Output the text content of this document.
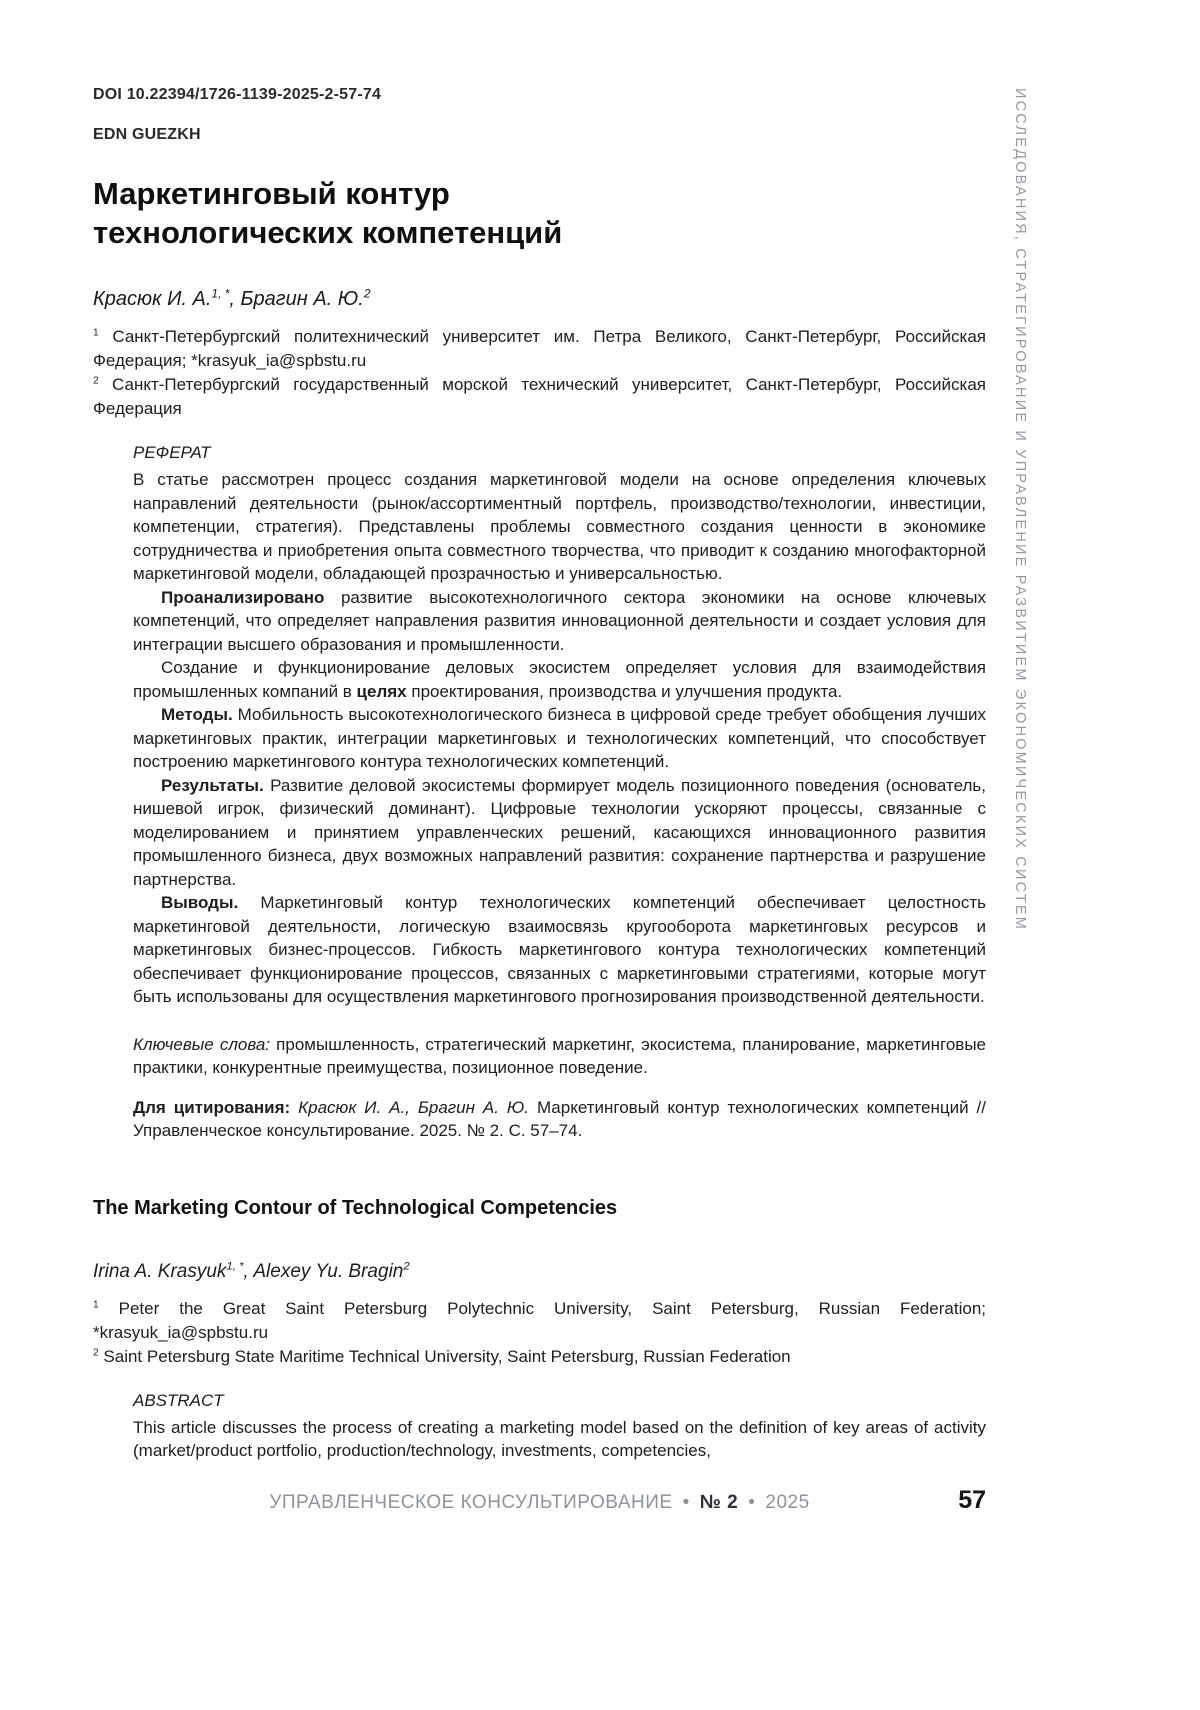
ИССЛЕДОВАНИЯ, СТРАТЕГИРОВАНИЕ И УПРАВЛЕНИЕ РАЗВИТИЕМ ЭКОНОМИЧЕСКИХ СИСТЕМ
DOI 10.22394/1726-1139-2025-2-57-74
EDN GUEZKH
Маркетинговый контур
технологических компетенций

Красюк И. А.$^{1, *}$, Брагин А. Ю.$^2$

$^1$ Санкт-Петербургский политехнический университет им. Петра Великого, Санкт-Петербург, Российская Федерация; *krasyuk_ia@spbstu.ru

$^2$ Санкт-Петербургский государственный морской технический университет, Санкт-Петербург, Российская Федерация

РЕФЕРАТ

В статье рассмотрен процесс создания маркетинговой модели на основе определения ключевых направлений деятельности (рынок/ассортиментный портфель, производство/технологии, инвестиции, компетенции, стратегия). Представлены проблемы совместного создания ценности в экономике сотрудничества и приобретения опыта совместного творчества, что приводит к созданию многофакторной маркетинговой модели, обладающей прозрачностью и универсальностью.

Проанализировано развитие высокотехнологичного сектора экономики на основе ключевых компетенций, что определяет направления развития инновационной деятельности и создает условия для интеграции высшего образования и промышленности.

Создание и функционирование деловых экосистем определяет условия для взаимодействия промышленных компаний в целях проектирования, производства и улучшения продукта.

Методы. Мобильность высокотехнологического бизнеса в цифровой среде требует обобщения лучших маркетинговых практик, интеграции маркетинговых и технологических компетенций, что способствует построению маркетингового контура технологических компетенций.

Результаты. Развитие деловой экосистемы формирует модель позиционного поведения (основатель, нишевой игрок, физический доминант). Цифровые технологии ускоряют процессы, связанные с моделированием и принятием управленческих решений, касающихся инновационного развития промышленного бизнеса, двух возможных направлений развития: сохранение партнерства и разрушение партнерства.

Выводы. Маркетинговый контур технологических компетенций обеспечивает целостность маркетинговой деятельности, логическую взаимосвязь кругооборота маркетинговых ресурсов и маркетинговых бизнес-процессов. Гибкость маркетингового контура технологических компетенций обеспечивает функционирование процессов, связанных с маркетинговыми стратегиями, которые могут быть использованы для осуществления маркетингового прогнозирования производственной деятельности.

Ключевые слова: промышленность, стратегический маркетинг, экосистема, планирование, маркетинговые практики, конкурентные преимущества, позиционное поведение.

Для цитирования: Красюк И. А., Брагин А. Ю. Маркетинговый контур технологических компетенций // Управленческое консультирование. 2025. № 2. С. 57–74.

The Marketing Contour of Technological Competencies

Irina A. Krasyuk$^{1, *}$, Alexey Yu. Bragin$^2$

$^1$ Peter the Great Saint Petersburg Polytechnic University, Saint Petersburg, Russian Federation; *krasyuk_ia@spbstu.ru

$^2$ Saint Petersburg State Maritime Technical University, Saint Petersburg, Russian Federation

ABSTRACT

This article discusses the process of creating a marketing model based on the definition of key areas of activity (market/product portfolio, production/technology, investments, competencies,

УПРАВЛЕНЧЕСКОЕ КОНСУЛЬТИРОВАНИЕ • № 2 • 2025	57
